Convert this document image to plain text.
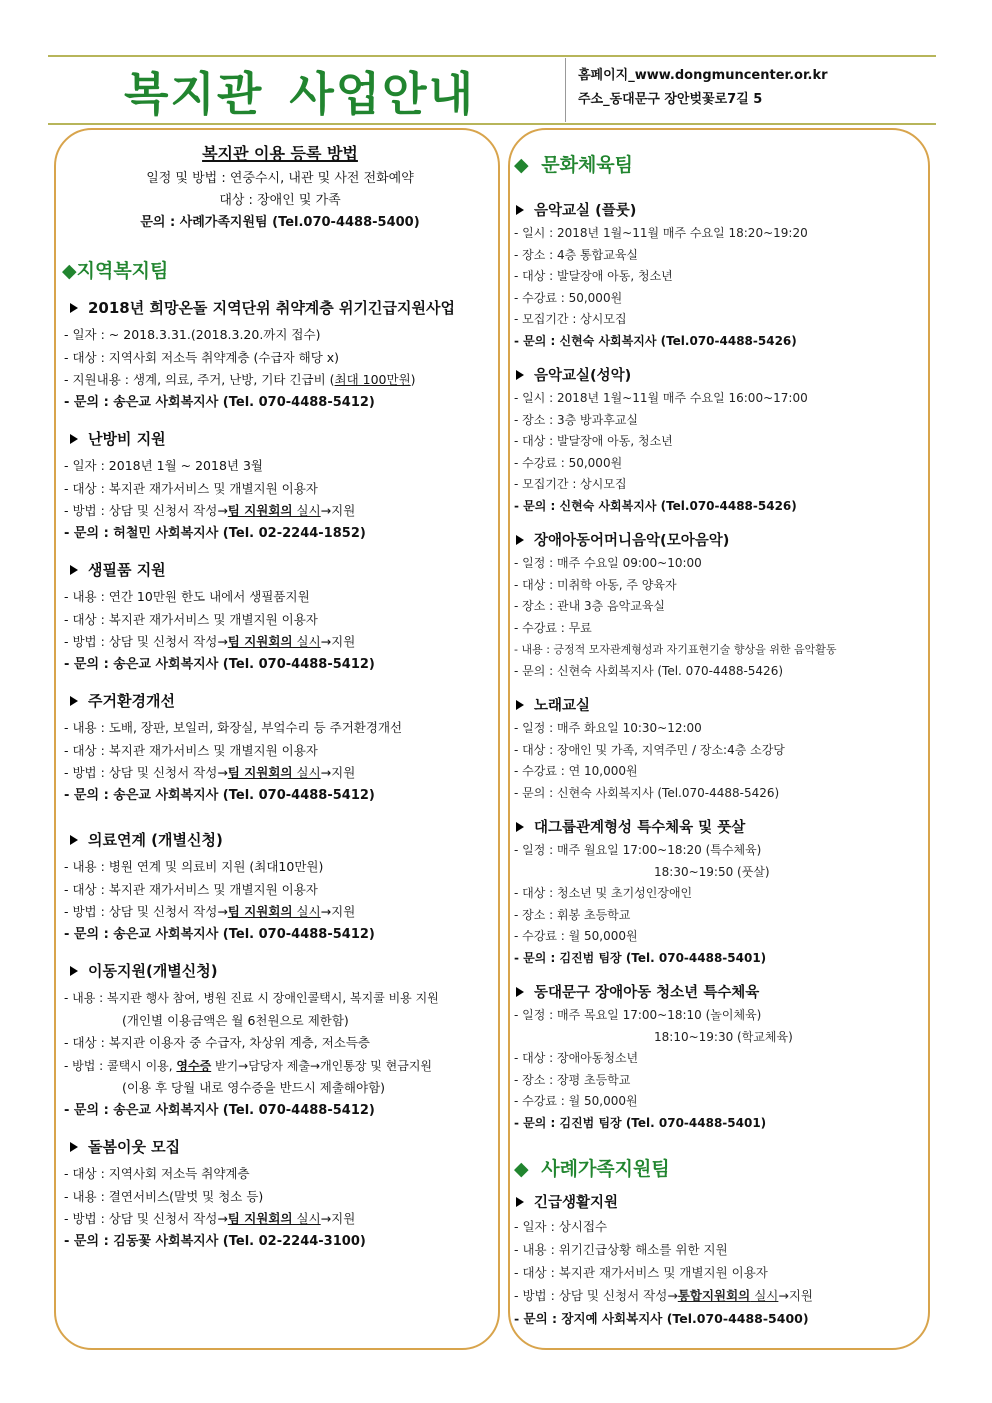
복지관 사업안내	홈페이지_www.dongmuncenter.or.kr
주소_동대문구 장안벚꽃로7길 5
복지관 이용 등록 방법
일정 및 방법 : 연중수시, 내관 및 사전 전화예약
대상 : 장애인 및 가족
문의 : 사례가족지원팀 (Tel.070-4488-5400)
◆지역복지팀
2018년 희망온돌 지역단위 취약계층 위기긴급지원사업
- 일자 : ~ 2018.3.31.(2018.3.20.까지 접수)
- 대상 : 지역사회 저소득 취약계층 (수급자 해당 x)
- 지원내용 : 생계, 의료, 주거, 난방, 기타 긴급비 (최대 100만원)
- 문의 : 송은교 사회복지사 (Tel. 070-4488-5412)
난방비 지원
- 일자 : 2018년 1월 ~ 2018년 3월
- 대상 : 복지관 재가서비스 및 개별지원 이용자
- 방법 : 상담 및 신청서 작성→팀 지원회의 실시→지원
- 문의 : 허철민 사회복지사 (Tel. 02-2244-1852)
생필품 지원
- 내용 : 연간 10만원 한도 내에서 생필품지원
- 대상 : 복지관 재가서비스 및 개별지원 이용자
- 방법 : 상담 및 신청서 작성→팀 지원회의 실시→지원
- 문의 : 송은교 사회복지사 (Tel. 070-4488-5412)
주거환경개선
- 내용 : 도배, 장판, 보일러, 화장실, 부엌수리 등 주거환경개선
- 대상 : 복지관 재가서비스 및 개별지원 이용자
- 방법 : 상담 및 신청서 작성→팀 지원회의 실시→지원
- 문의 : 송은교 사회복지사 (Tel. 070-4488-5412)
의료연계 (개별신청)
- 내용 : 병원 연계 및 의료비 지원 (최대10만원)
- 대상 : 복지관 재가서비스 및 개별지원 이용자
- 방법 : 상담 및 신청서 작성→팀 지원회의 실시→지원
- 문의 : 송은교 사회복지사 (Tel. 070-4488-5412)
이동지원(개별신청)
- 내용 : 복지관 행사 참여, 병원 진료 시 장애인콜택시, 복지콜 비용 지원
(개인별 이용금액은 월 6천원으로 제한함)
- 대상 : 복지관 이용자 중 수급자, 차상위 계층, 저소득층
- 방법 : 콜택시 이용, 영수증 받기→담당자 제출→개인통장 및 현금지원
(이용 후 당월 내로 영수증을 반드시 제출해야함)
- 문의 : 송은교 사회복지사 (Tel. 070-4488-5412)
돌봄이웃 모집
- 대상 : 지역사회 저소득 취약계층
- 내용 : 결연서비스(말벗 및 청소 등)
- 방법 : 상담 및 신청서 작성→팀 지원회의 실시→지원
- 문의 : 김동꽃 사회복지사 (Tel. 02-2244-3100)
◆ 문화체육팀
음악교실 (플룻)
- 일시 : 2018년 1월~11월 매주 수요일 18:20~19:20
- 장소 : 4층 통합교육실
- 대상 : 발달장애 아동, 청소년
- 수강료 : 50,000원
- 모집기간 : 상시모집
- 문의 : 신현숙 사회복지사 (Tel.070-4488-5426)
음악교실(성악)
- 일시 : 2018년 1월~11월 매주 수요일 16:00~17:00
- 장소 : 3층 방과후교실
- 대상 : 발달장애 아동, 청소년
- 수강료 : 50,000원
- 모집기간 : 상시모집
- 문의 : 신현숙 사회복지사 (Tel.070-4488-5426)
장애아동어머니음악(모아음악)
- 일정 : 매주 수요일 09:00~10:00
- 대상 : 미취학 아동, 주 양육자
- 장소 : 관내 3층 음악교육실
- 수강료 : 무료
- 내용 : 긍정적 모자관계형성과 자기표현기술 향상을 위한 음악활동
- 문의 : 신현숙 사회복지사 (Tel. 070-4488-5426)
노래교실
- 일정 : 매주 화요일 10:30~12:00
- 대상 : 장애인 및 가족, 지역주민 / 장소:4층 소강당
- 수강료 : 연 10,000원
- 문의 : 신현숙 사회복지사 (Tel.070-4488-5426)
대그룹관계형성 특수체육 및 풋살
- 일정 : 매주 월요일 17:00~18:20 (특수체육)
18:30~19:50 (풋살)
- 대상 : 청소년 및 초기성인장애인
- 장소 : 휘봉 초등학교
- 수강료 : 월 50,000원
- 문의 : 김진범 팀장 (Tel. 070-4488-5401)
동대문구 장애아동 청소년 특수체육
- 일정 : 매주 목요일 17:00~18:10 (놀이체육)
18:10~19:30 (학교체육)
- 대상 : 장애아동청소년
- 장소 : 장평 초등학교
- 수강료 : 월 50,000원
- 문의 : 김진범 팀장 (Tel. 070-4488-5401)
◆ 사례가족지원팀
긴급생활지원
- 일자 : 상시접수
- 내용 : 위기긴급상황 해소를 위한 지원
- 대상 : 복지관 재가서비스 및 개별지원 이용자
- 방법 : 상담 및 신청서 작성→통합지원회의 실시→지원
- 문의 : 장지예 사회복지사 (Tel.070-4488-5400)
